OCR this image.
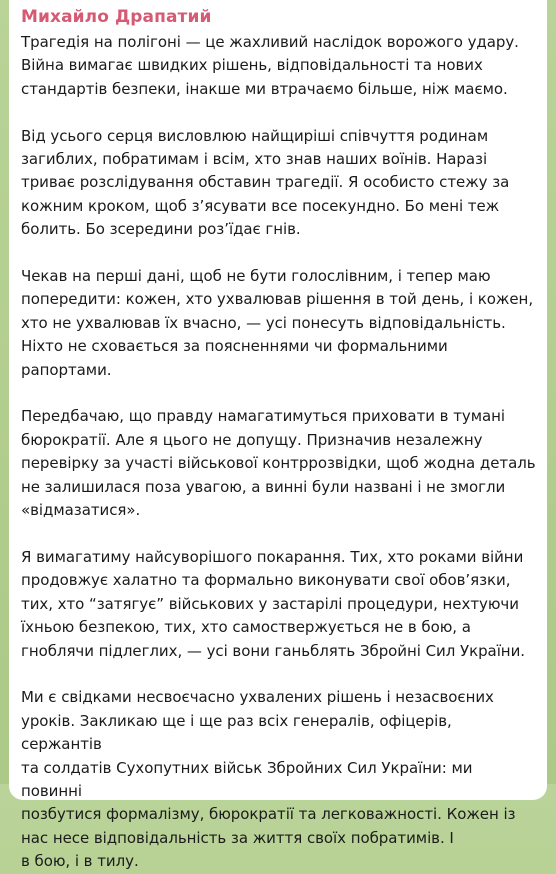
Михайло Драпатий

Трагедія на полігоні — це жахливий наслідок ворожого удару.
Війна вимагає швидких рішень, відповідальності та нових
стандартів безпеки, інакше ми втрачаємо більше, ніж маємо.

Від усього серця висловлюю найщиріші співчуття родинам
загиблих, побратимам і всім, хто знав наших воїнів. Наразі
триває розслідування обставин трагедії. Я особисто стежу за
кожним кроком, щоб з’ясувати все посекундно. Бо мені теж
болить. Бо зсередини роз’їдає гнів.

Чекав на перші дані, щоб не бути голослівним, і тепер маю
попередити: кожен, хто ухвалював рішення в той день, і кожен,
хто не ухвалював їх вчасно, — усі понесуть відповідальність.
Ніхто не сховається за поясненнями чи формальними
рапортами.

Передбачаю, що правду намагатимуться приховати в тумані
бюрократії. Але я цього не допущу. Призначив незалежну
перевірку за участі військової контррозвідки, щоб жодна деталь
не залишилася поза увагою, а винні були названі і не змогли
«відмазатися».

Я вимагатиму найсуворішого покарання. Тих, хто роками війни
продовжує халатно та формально виконувати свої обов’язки,
тих, хто “затягує” військових у застарілі процедури, нехтуючи
їхньою безпекою, тих, хто самоствержується не в бою, а
гноблячи підлеглих, — усі вони ганьблять Збройні Сил України.

Ми є свідками несвоєчасно ухвалених рішень і незасвоєних
уроків. Закликаю ще і ще раз всіх генералів, офіцерів, сержантів
та солдатів Сухопутних військ Збройних Сил України: ми повинні
позбутися формалізму, бюрократії та легковажності. Кожен із
нас несе відповідальність за життя своїх побратимів. І
в бою, і в тилу.
